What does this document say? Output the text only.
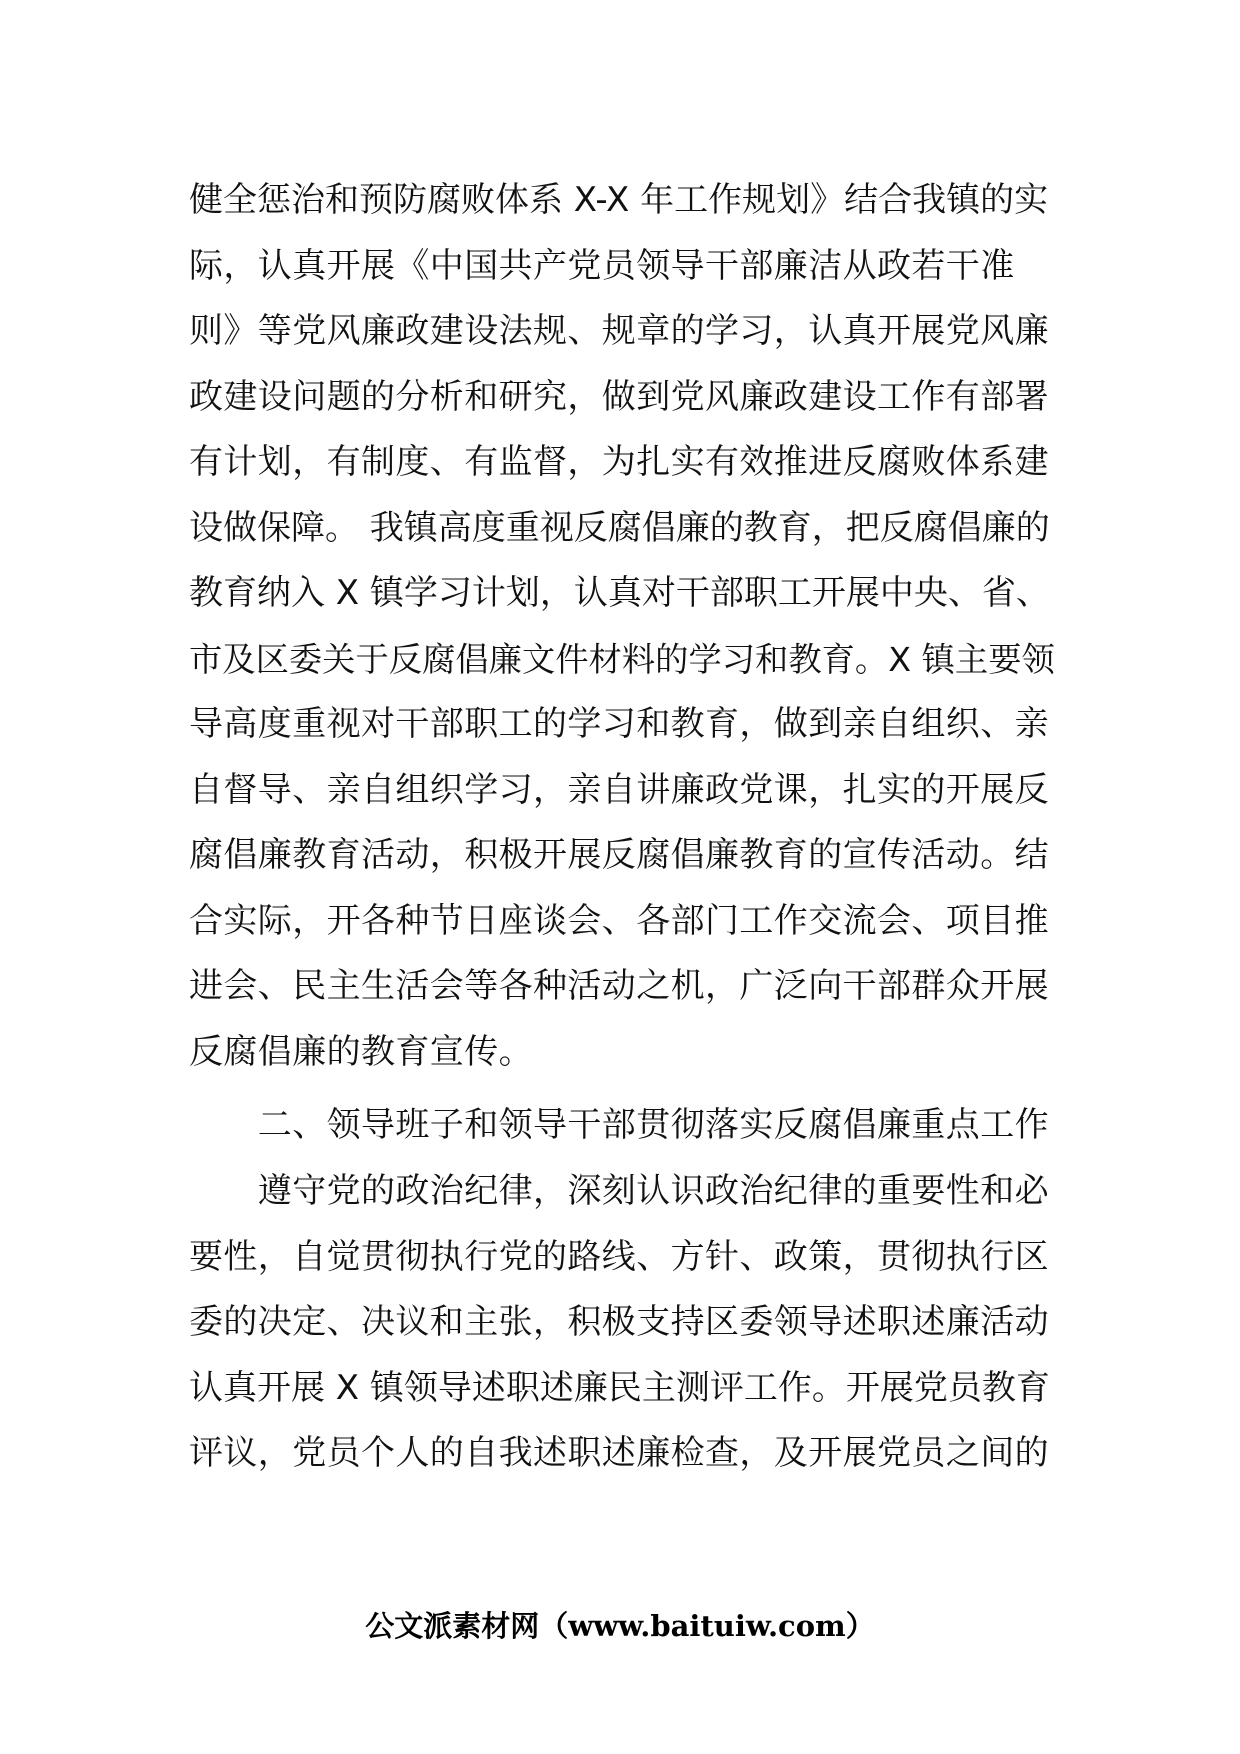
健全惩治和预防腐败体系 X-X 年工作规划》结合我镇的实
际，认真开展《中国共产党员领导干部廉洁从政若干准
则》等党风廉政建设法规、规章的学习，认真开展党风廉
政建设问题的分析和研究，做到党风廉政建设工作有部署
有计划，有制度、有监督，为扎实有效推进反腐败体系建
设做保障。 我镇高度重视反腐倡廉的教育，把反腐倡廉的
教育纳入 X 镇学习计划，认真对干部职工开展中央、省、
市及区委关于反腐倡廉文件材料的学习和教育。X 镇主要领
导高度重视对干部职工的学习和教育，做到亲自组织、亲
自督导、亲自组织学习，亲自讲廉政党课，扎实的开展反
腐倡廉教育活动，积极开展反腐倡廉教育的宣传活动。结
合实际，开各种节日座谈会、各部门工作交流会、项目推
进会、民主生活会等各种活动之机，广泛向干部群众开展
反腐倡廉的教育宣传。
　　二、领导班子和领导干部贯彻落实反腐倡廉重点工作
　　遵守党的政治纪律，深刻认识政治纪律的重要性和必
要性，自觉贯彻执行党的路线、方针、政策，贯彻执行区
委的决定、决议和主张，积极支持区委领导述职述廉活动
认真开展 X 镇领导述职述廉民主测评工作。开展党员教育
评议，党员个人的自我述职述廉检查，及开展党员之间的
公文派素材网（www.baituiw.com）
